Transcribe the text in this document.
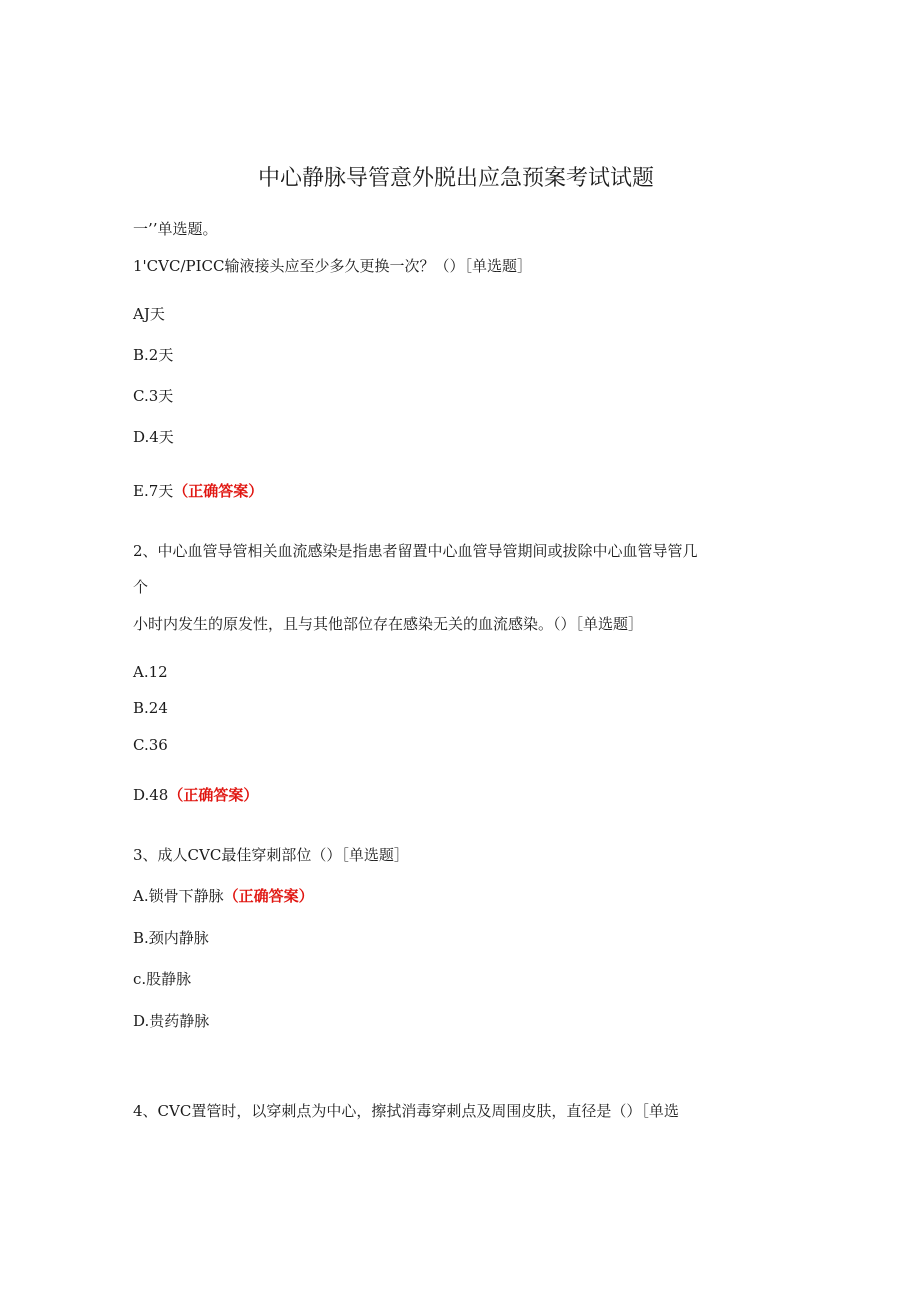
中心静脉导管意外脱出应急预案考试试题
一’’单选题。
1'CVC/PICC输液接头应至少多久更换一次？（）［单选题］
AJ天
B.2天
C.3天
D.4天
E.7天（正确答案）
2、中心血管导管相关血流感染是指患者留置中心血管导管期间或拔除中心血管导管几
个
小时内发生的原发性，且与其他部位存在感染无关的血流感染。（）［单选题］
A.12
B.24
C.36
D.48（正确答案）
3、成人CVC最佳穿刺部位（）［单选题］
A.锁骨下静脉（正确答案）
B.颈内静脉
c.股静脉
D.贵药静脉
4、CVC置管时，以穿刺点为中心，擦拭消毒穿刺点及周围皮肤，直径是（）［单选
